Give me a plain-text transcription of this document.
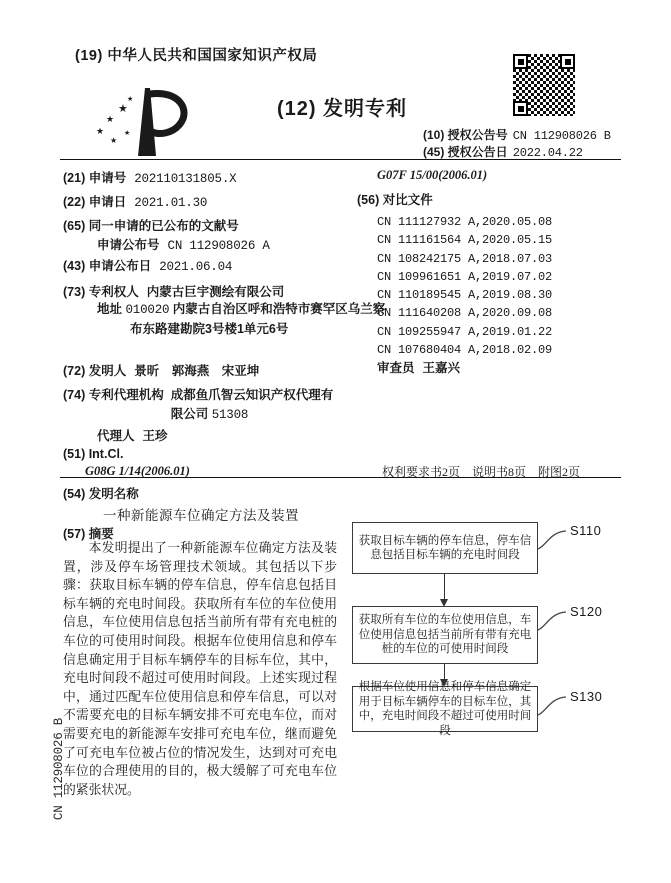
CN 112908026 B
(19) 中华人民共和国国家知识产权局
★
★
★
★
★
★	(12) 发明专利
(10) 授权公告号 CN 112908026 B
(45) 授权公告日 2022.04.22
(21) 申请号 202110131805.X
(22) 申请日 2021.01.30
(65) 同一申请的已公布的文献号
申请公布号 CN 112908026 A
(43) 申请公布日 2021.06.04
(73) 专利权人 内蒙古巨宇测绘有限公司
地址 010020 内蒙古自治区呼和浩特市赛罕区乌兰察布东路建勘院3号楼1单元6号
(72) 发明人 景昕　郭海燕　宋亚坤
(74) 专利代理机构 成都鱼爪智云知识产权代理有限公司 51308
代理人 王珍
(51) Int.Cl.
G08G 1/14(2006.01)
G07F 15/00(2006.01)
(56) 对比文件
CN 111127932 A,2020.05.08
CN 111161564 A,2020.05.15
CN 108242175 A,2018.07.03
CN 109961651 A,2019.07.02
CN 110189545 A,2019.08.30
CN 111640208 A,2020.09.08
CN 109255947 A,2019.01.22
CN 107680404 A,2018.02.09
审查员 王嘉兴
权利要求书2页　说明书8页　附图2页
(54) 发明名称
一种新能源车位确定方法及装置
(57) 摘要
本发明提出了一种新能源车位确定方法及装置，涉及停车场管理技术领域。其包括以下步骤：获取目标车辆的停车信息，停车信息包括目标车辆的充电时间段。获取所有车位的车位使用信息，车位使用信息包括当前所有带有充电桩的车位的可使用时间段。根据车位使用信息和停车信息确定用于目标车辆停车的目标车位，其中，充电时间段不超过可使用时间段。上述实现过程中，通过匹配车位使用信息和停车信息，可以对不需要充电的目标车辆安排不可充电车位，而对需要充电的新能源车安排可充电车位，继而避免了可充电车位被占位的情况发生，达到对可充电车位的合理使用的目的，极大缓解了可充电车位的紧张状况。
获取目标车辆的停车信息，停车信息包括目标车辆的充电时间段
获取所有车位的车位使用信息，车位使用信息包括当前所有带有充电桩的车位的可使用时间段
根据车位使用信息和停车信息确定用于目标车辆停车的目标车位，其中，充电时间段不超过可使用时间段
S110
S120
S130
